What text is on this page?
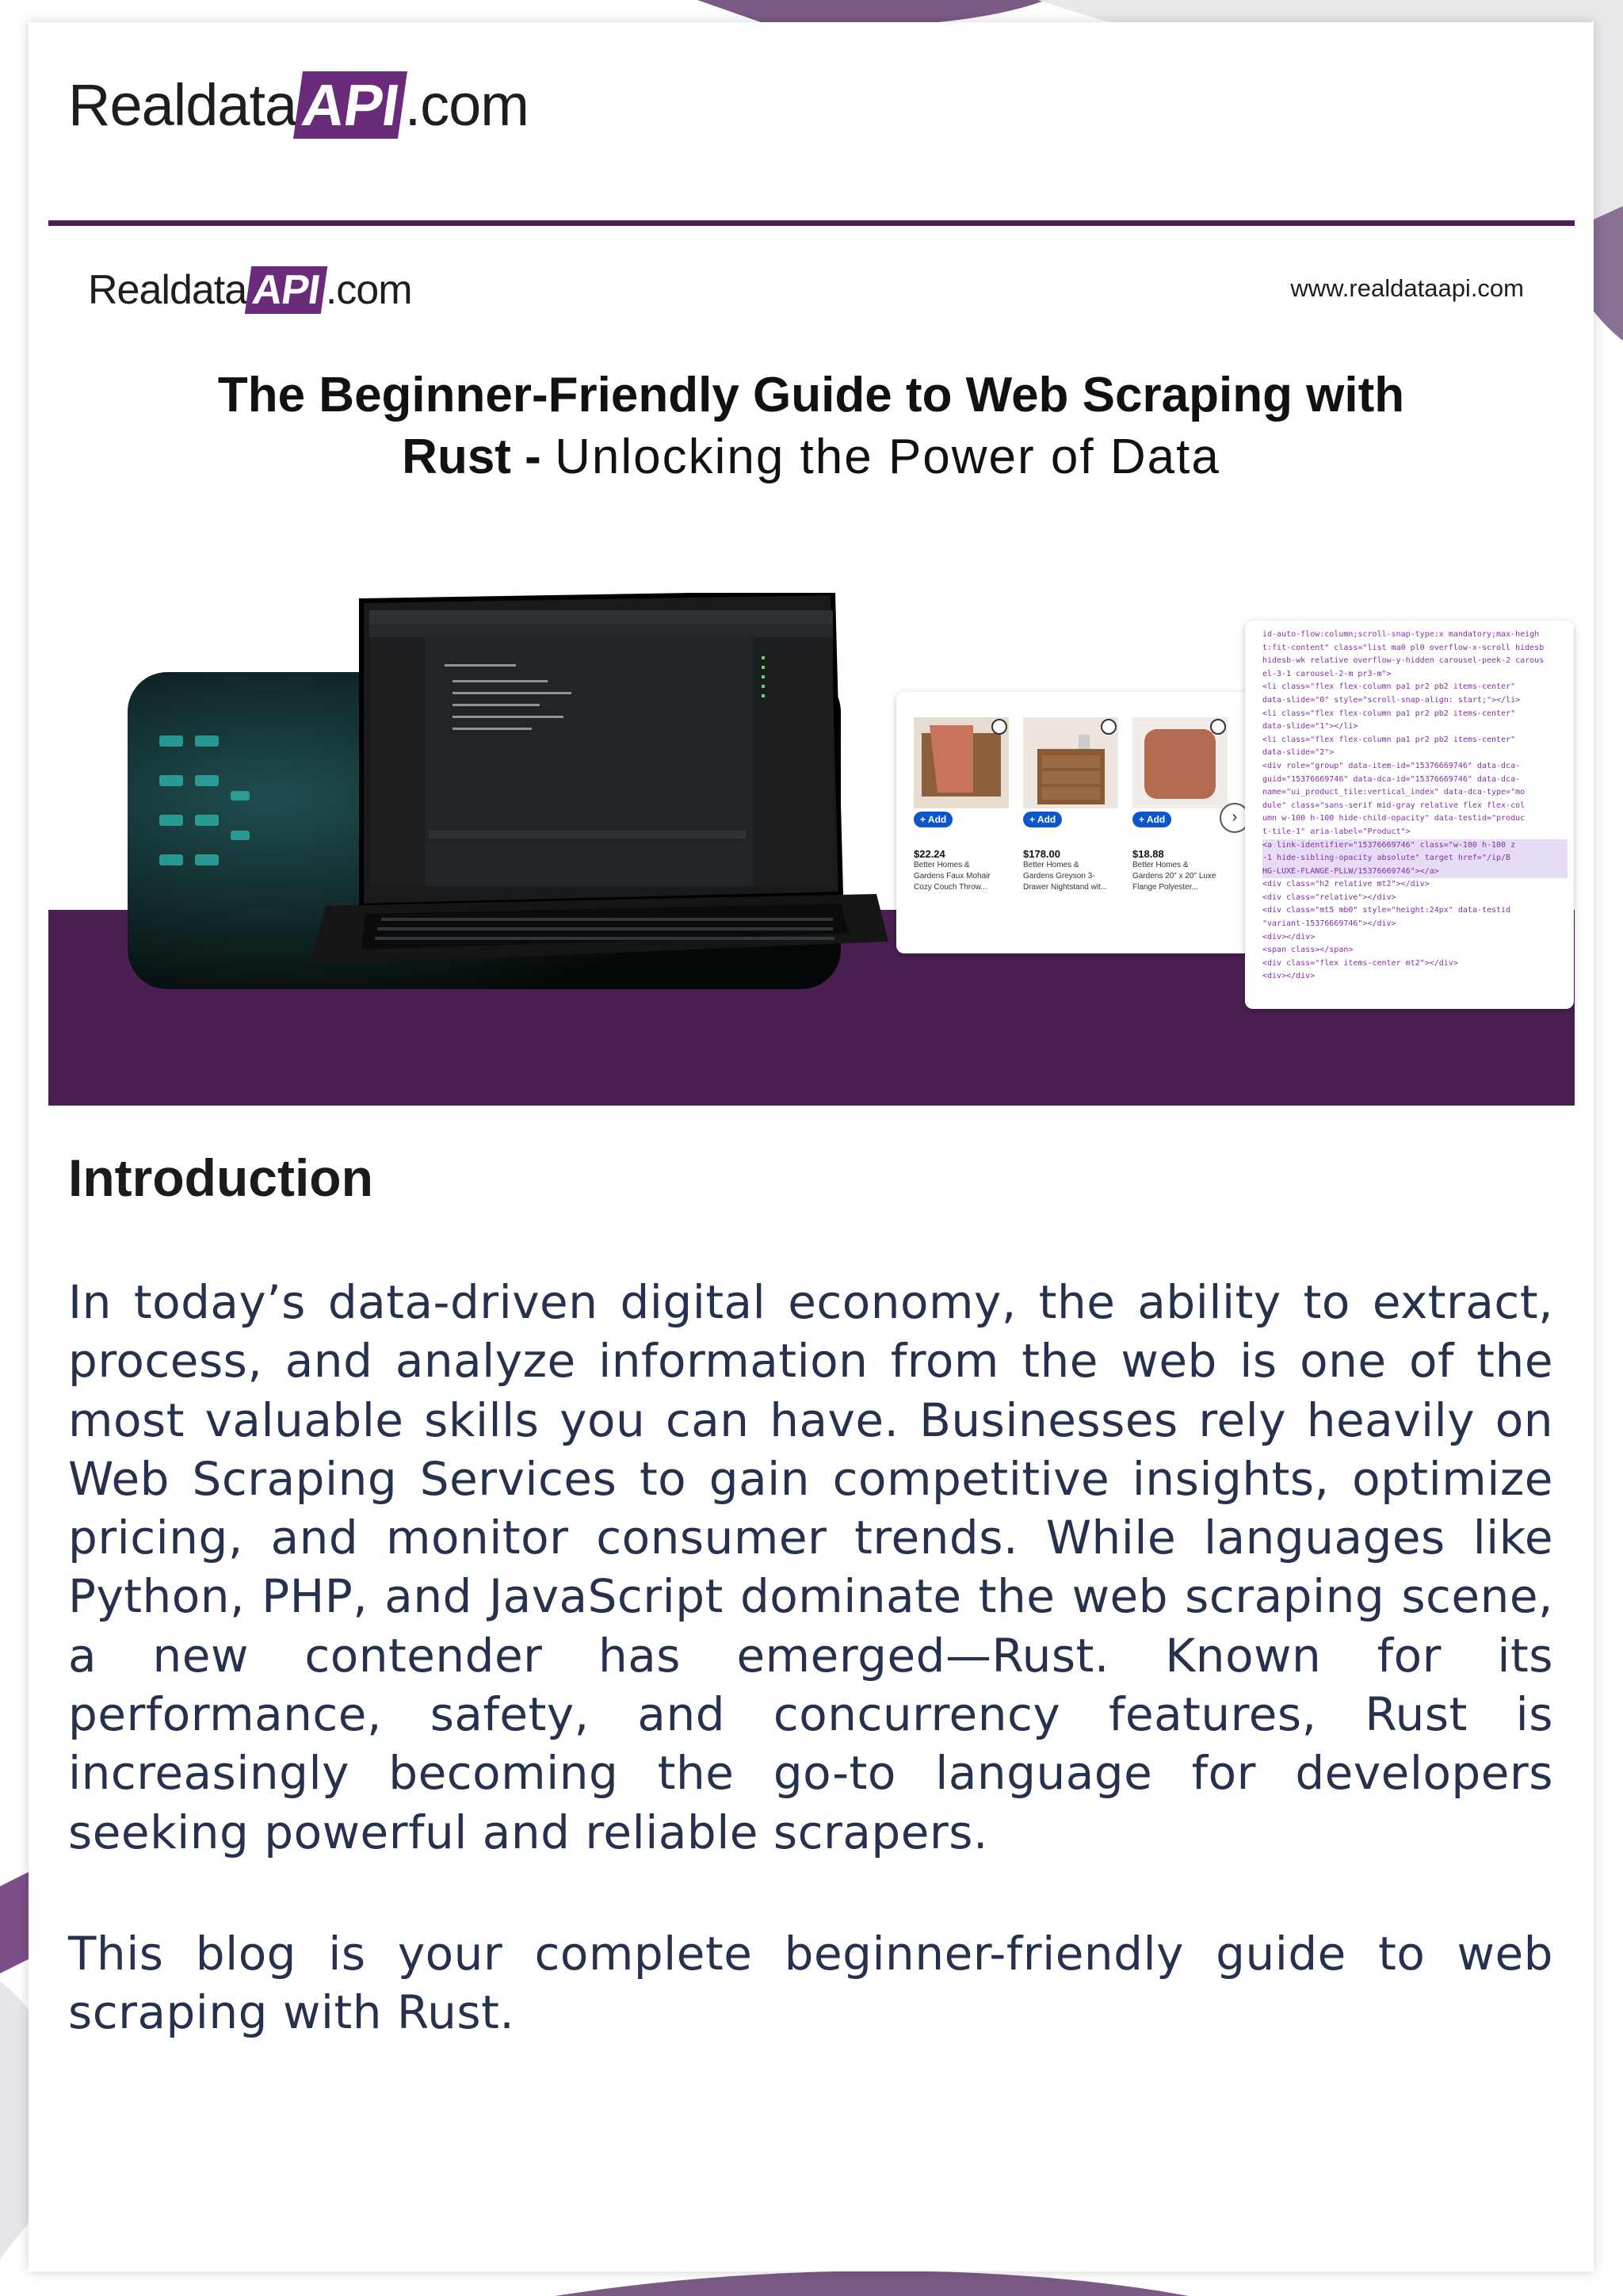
RealdataAPI.com
RealdataAPI.com	www.realdataapi.com
The Beginner-Friendly Guide to Web Scraping with
Rust - Unlocking the Power of Data
+ Add
$22.24
Better Homes &
Gardens Faux Mohair
Cozy Couch Throw...
+ Add
$178.00
Better Homes &
Gardens Greyson 3-
Drawer Nightstand wit...
+ Add
$18.88
Better Homes &
Gardens 20" x 20" Luxe
Flange Polyester...
›
id-auto-flow:column;scroll-snap-type:x mandatory;max-heigh
t:fit-content" class="list ma0 pl0 overflow-x-scroll hidesb
hidesb-wk relative overflow-y-hidden carousel-peek-2 carous
el-3-1 carousel-2-m pr3-m">
<li class="flex flex-column pa1 pr2 pb2 items-center"
data-slide="0" style="scroll-snap-align: start;"></li>
<li class="flex flex-column pa1 pr2 pb2 items-center"
data-slide="1"></li>
<li class="flex flex-column pa1 pr2 pb2 items-center"
data-slide="2">
<div role="group" data-item-id="15376669746" data-dca-
guid="15376669746" data-dca-id="15376669746" data-dca-
name="ui_product_tile:vertical_index" data-dca-type="mo
dule" class="sans-serif mid-gray relative flex flex-col
umn w-100 h-100 hide-child-opacity" data-testid="produc
t-tile-1" aria-label="Product">
<a link-identifier="15376669746" class="w-100 h-100 z
-1 hide-sibling-opacity absolute" target href="/ip/B
HG-LUXE-FLANGE-PLLW/15376669746"></a>
<div class="h2 relative mt2"></div>
<div class="relative"></div>
<div class="mt5 mb0" style="height:24px" data-testid
"variant-15376669746"></div>
<div></div>
<span class></span>
<div class="flex items-center mt2"></div>
<div></div>
Introduction

In today’s data-driven digital economy, the ability to extract, process, and analyze information from the web is one of the most valuable skills you can have. Businesses rely heavily on Web Scraping Services to gain competitive insights, optimize pricing, and monitor consumer trends. While languages like Python, PHP, and JavaScript dominate the web scraping scene, a new contender has emerged—Rust. Known for its performance, safety, and concurrency features, Rust is increasingly becoming the go-to language for developers seeking powerful and reliable scrapers.

This blog is your complete beginner-friendly guide to web scraping with Rust.
